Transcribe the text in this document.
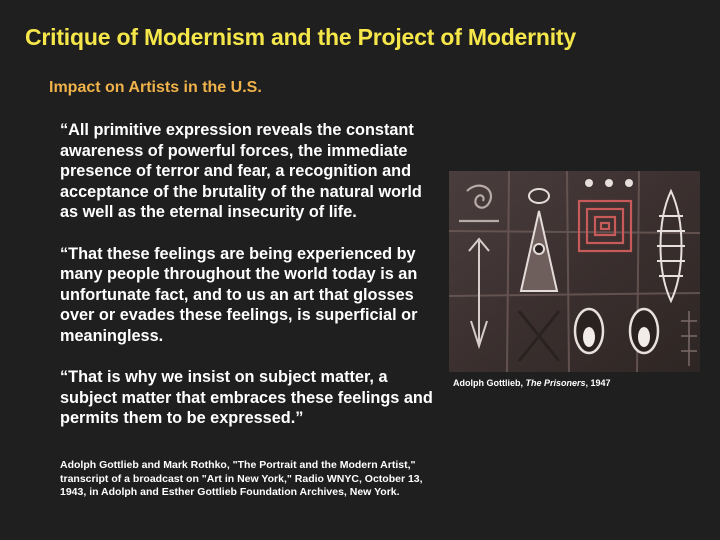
Critique of Modernism and the Project of Modernity
Impact on Artists in the U.S.

“All primitive expression reveals the constant awareness of powerful forces, the immediate presence of terror and fear, a recognition and acceptance of the brutality of the natural world as well as the eternal insecurity of life.

“That these feelings are being experienced by many people throughout the world today is an unfortunate fact, and to us an art that glosses over or evades these feelings, is superficial or meaningless.

“That is why we insist on subject matter, a subject matter that embraces these feelings and permits them to be expressed.”

Adolph Gottlieb and Mark Rothko, "The Portrait and the Modern Artist," transcript of a broadcast on "Art in New York," Radio WNYC, October 13, 1943, in Adolph and Esther Gottlieb Foundation Archives, New York.
Adolph Gottlieb, The Prisoners, 1947
